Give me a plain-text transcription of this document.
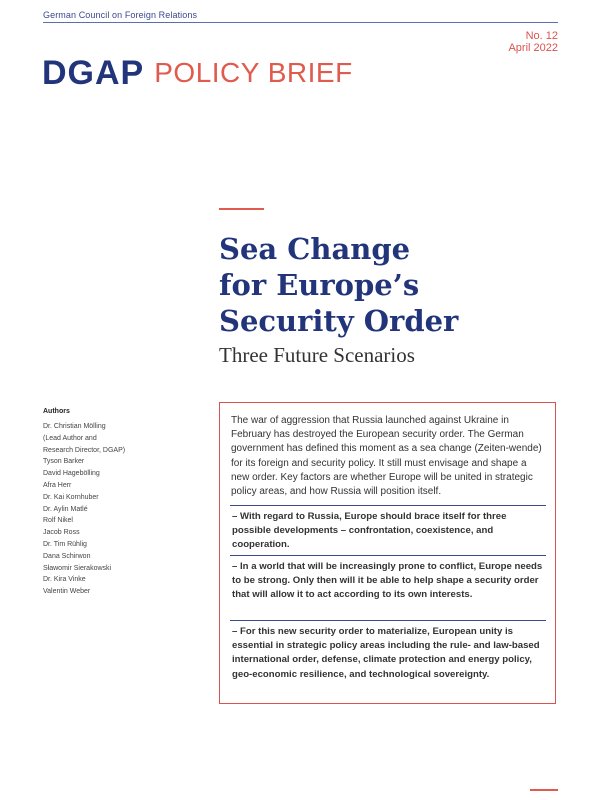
German Council on Foreign Relations
No. 12
April 2022
DGAP POLICY BRIEF
Sea Change
for Europe’s
Security Order
Three Future Scenarios
Authors
Dr. Christian Mölling
(Lead Author and
Research Director, DGAP)
Tyson Barker
David Hagebölling
Afra Herr
Dr. Kai Kornhuber
Dr. Aylin Matlé
Rolf Nikel
Jacob Ross
Dr. Tim Rühlig
Dana Schirwon
Sławomir Sierakowski
Dr. Kira Vinke
Valentin Weber
The war of aggression that Russia launched against Ukraine in February has destroyed the European security order. The German government has defined this moment as a sea change (Zeiten-wende) for its foreign and security policy. It still must envisage and shape a new order. Key factors are whether Europe will be united in strategic policy areas, and how Russia will position itself.
– With regard to Russia, Europe should brace itself for three possible developments – confrontation, coexistence, and cooperation.
– In a world that will be increasingly prone to conflict, Europe needs to be strong. Only then will it be able to help shape a security order that will allow it to act according to its own interests.
– For this new security order to materialize, European unity is essential in strategic policy areas including the rule- and law-based international order, defense, climate protection and energy policy, geo-economic resilience, and technological sovereignty.
